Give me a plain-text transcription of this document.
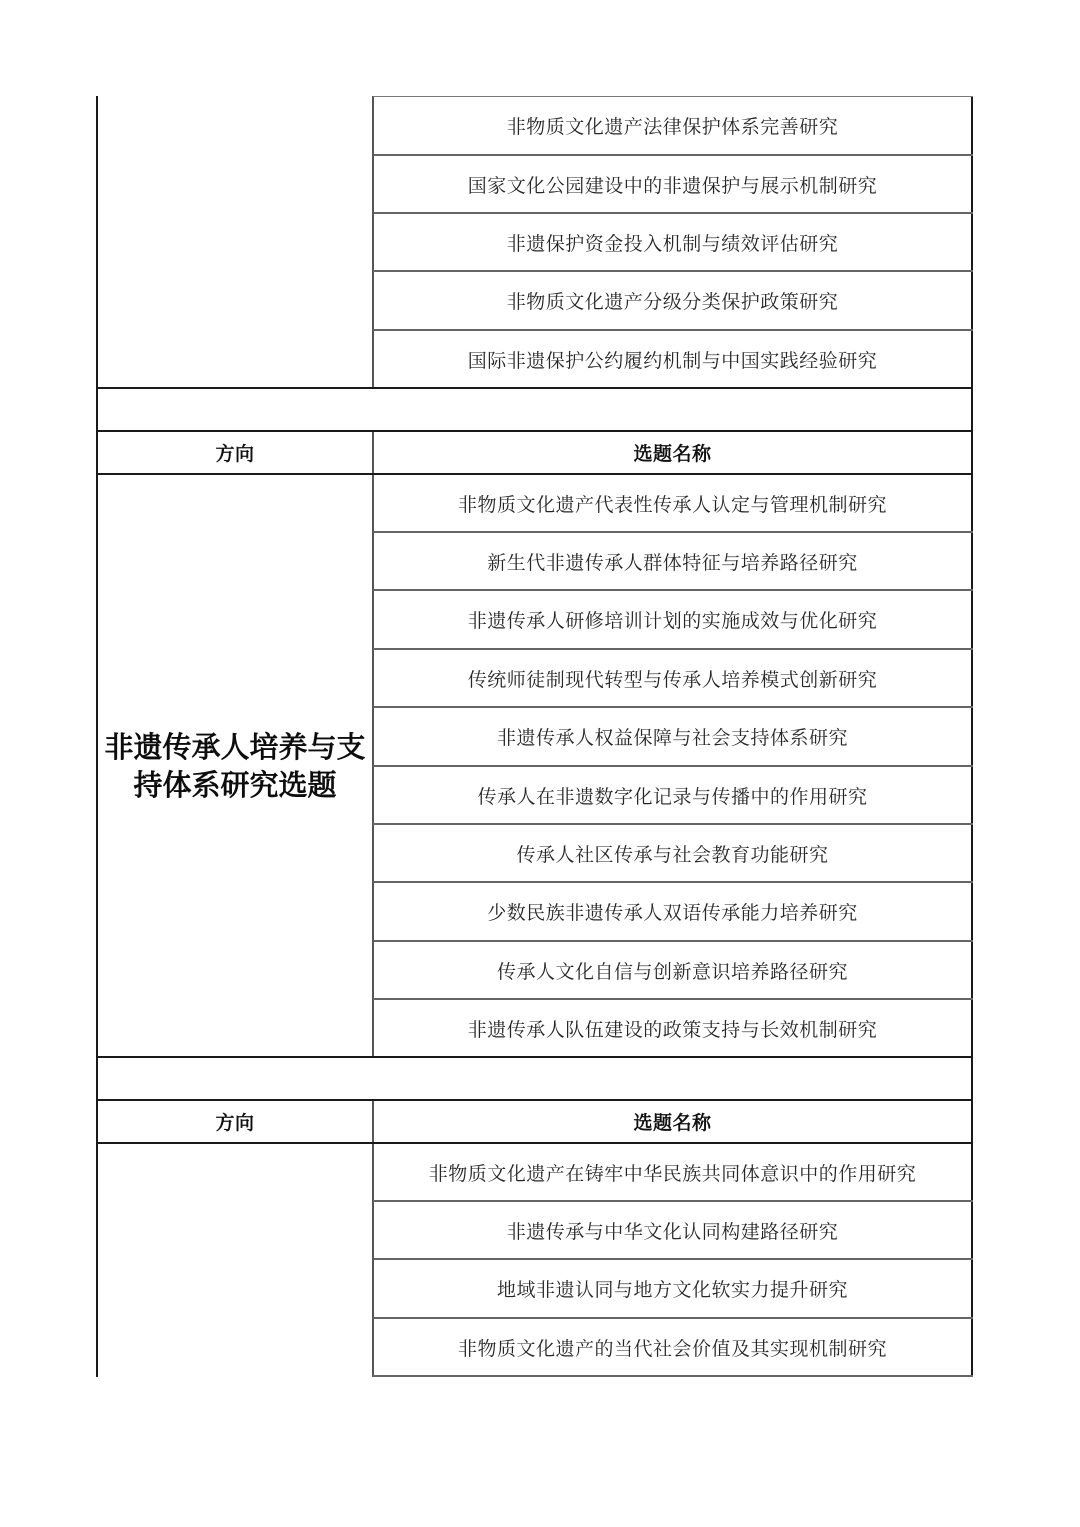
非物质文化遗产法律保护体系完善研究
国家文化公园建设中的非遗保护与展示机制研究
非遗保护资金投入机制与绩效评估研究
非物质文化遗产分级分类保护政策研究
国际非遗保护公约履约机制与中国实践经验研究
方向	选题名称
非遗传承人培养与支持体系研究选题
非物质文化遗产代表性传承人认定与管理机制研究
新生代非遗传承人群体特征与培养路径研究
非遗传承人研修培训计划的实施成效与优化研究
传统师徒制现代转型与传承人培养模式创新研究
非遗传承人权益保障与社会支持体系研究
传承人在非遗数字化记录与传播中的作用研究
传承人社区传承与社会教育功能研究
少数民族非遗传承人双语传承能力培养研究
传承人文化自信与创新意识培养路径研究
非遗传承人队伍建设的政策支持与长效机制研究
方向	选题名称
非物质文化遗产在铸牢中华民族共同体意识中的作用研究
非遗传承与中华文化认同构建路径研究
地域非遗认同与地方文化软实力提升研究
非物质文化遗产的当代社会价值及其实现机制研究
